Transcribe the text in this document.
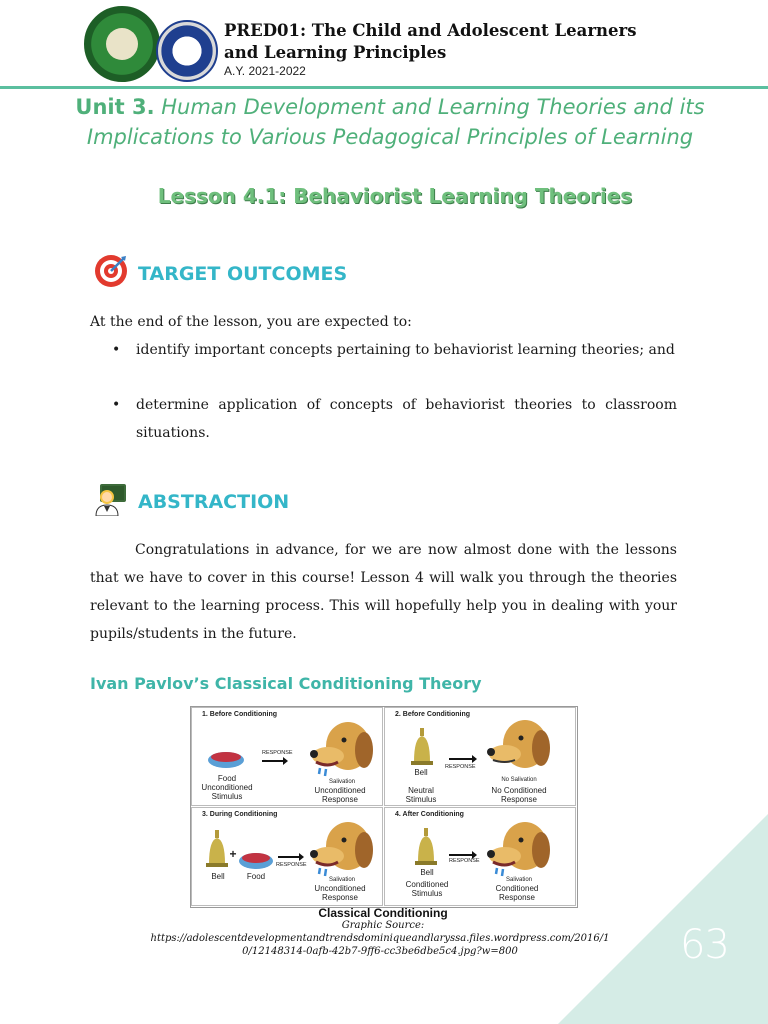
PRED01: The Child and Adolescent Learners and Learning Principles
A.Y. 2021-2022
Unit 3. Human Development and Learning Theories and its Implications to Various Pedagogical Principles of Learning
Lesson 4.1: Behaviorist Learning Theories
TARGET OUTCOMES
At the end of the lesson, you are expected to:
• identify important concepts pertaining to behaviorist learning theories; and
• determine application of concepts of behaviorist theories to classroom situations.
ABSTRACTION
Congratulations in advance, for we are now almost done with the lessons that we have to cover in this course! Lesson 4 will walk you through the theories relevant to the learning process. This will hopefully help you in dealing with your pupils/students in the future.
Ivan Pavlov’s Classical Conditioning Theory
1. Before Conditioning
Food
Unconditioned
Stimulus
RESPONSE
Salivation
Unconditioned
Response
2. Before Conditioning
Bell
Neutral
Stimulus
RESPONSE
No Salivation
No Conditioned
Response
3. During Conditioning
+
Bell	Food
RESPONSE
Salivation
Unconditioned
Response
4. After Conditioning
Bell
Conditioned
Stimulus
RESPONSE
Salivation
Conditioned
Response
Classical Conditioning
Graphic Source:
https://adolescentdevelopmentandtrendsdominiqueandlaryssa.files.wordpress.com/2016/10/12148314-0afb-42b7-9ff6-cc3be6dbe5c4.jpg?w=800	63
